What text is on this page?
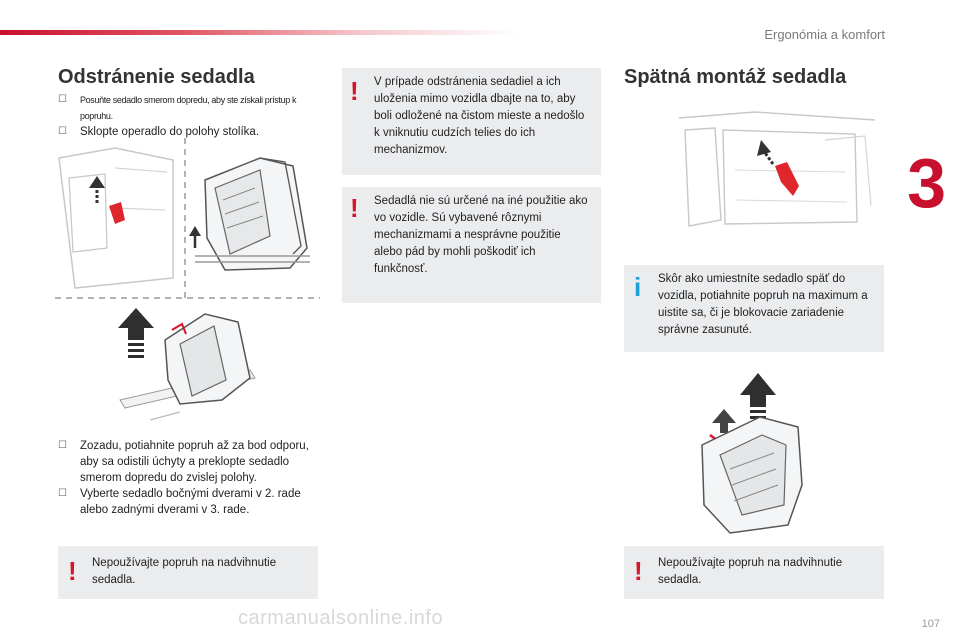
Ergonómia a komfort
3
Odstránenie sedadla
☐	Posuňte sedadlo smerom dopredu, aby ste získali prístup k popruhu.
☐	Sklopte operadlo do polohy stolíka.
☐	Zozadu, potiahnite popruh až za bod odporu, aby sa odistili úchyty a preklopte sedadlo smerom dopredu do zvislej polohy.
☐	Vyberte sedadlo bočnými dverami v 2. rade alebo zadnými dverami v 3. rade.
! Nepoužívajte popruh na nadvihnutie sedadla.
! V prípade odstránenia sedadiel a ich uloženia mimo vozidla dbajte na to, aby boli odložené na čistom mieste a nedošlo k vniknutiu cudzích telies do ich mechanizmov.
! Sedadlá nie sú určené na iné použitie ako vo vozidle. Sú vybavené rôznymi mechanizmami a nesprávne použitie alebo pád by mohli poškodiť ich funkčnosť.
Spätná montáž sedadla
i Skôr ako umiestníte sedadlo späť do vozidla, potiahnite popruh na maximum a uistite sa, či je blokovacie zariadenie správne zasunuté.
! Nepoužívajte popruh na nadvihnutie sedadla.
carmanualsonline.info	107
